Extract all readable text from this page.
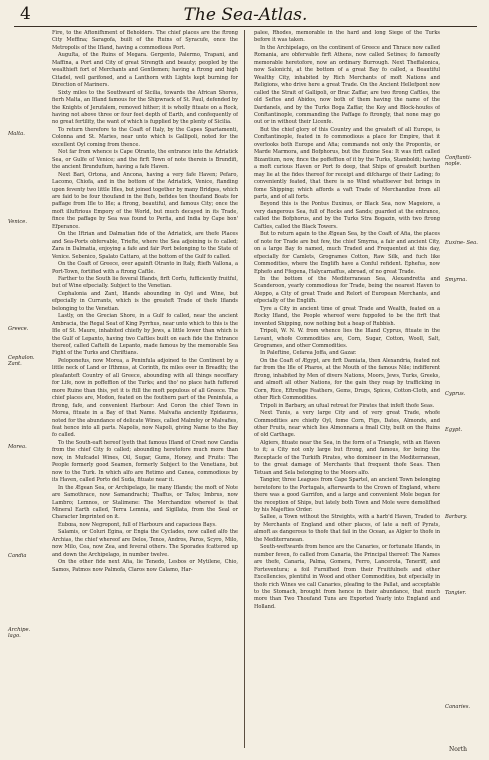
4	The Sea-Atlas.

Fire, to the Aftonifhment of Beholders. The chief places are the ftrong City Meffina; Saragofa, built of the Ruins of Syracufe, once the Metropolis of the Ifland, having a commodious Port.

Auguſta, of the Ruins of Megara. Gergento, Palermo, Trapani, and Maffina, a Port and City of great Strength and beauty; peopled by the wealthieft fort of Merchants and Gentlemen; having a ftrong and high Citadel, well garifoned, and a Lanthorn with Lights kept burning for Direction of Mariners.

Sixty miles to the Southward of Sicilia, towards the African Shores, fierh Malta, an Ifland famous for the Shipwrack of St. Paul, defended by the Knights of Jerufalem, removed hither; it is wholly fituate on a Rock, having not above three or four feet depth of Earth, and confequently of no great fertility, the want of which is fupplied by the plenty of Sicilia.

To return therefore to the Coaft of Italy, by the Capes Spartamenti, Colonna and St. Maries, near unto which is Gallipoli, noted for the excellent Oyl coming from thence.

Not far from whence is Cape Otranto, the entrance into the Adriatick Sea, or Gulfe of Venice; and the firft Town of note therein is Brundifi, the ancient Brundufium, having a fafe Haven.

Next Bari, Ortona, and Ancona, having a very fafe Haven; Pefaro, Lacomo, Chiofa, and in the bottom of the Adriatick, Venice, ftanding upon feventy two little Ifles, but joined together by many Bridges, which are faid to be four thoufand in the Bufs, befides ten thoufand Boats for paffage from Ifle to Ifle; a ftrong, beautiful, and famous City; once the moft illuftrious Empory of the World, but much decayed in its Trade, fince the paffage by Sea was found to Perfia, and India by Cape bon' Efperance.

On the Iftrian and Dalmatian fide of the Adriatick, are thefe Places and Sea-Ports obfervable, Triefte, where the Sea adjoining is fo called; Zara in Dalmatia, enjoying a fafe and fair Port belonging to the State of Venice. Sebenico, Spalato Cattaro, at the bottom of the Gulf fo called.

On the Coaft of Greece, over againft Otranto in Italy, ftiefh Vallona, a Port-Town, fortified with a ftrong Caftle.

Farther to the South lie feveral Iflands, firft Corfu, fufficiently fruitful, but of Wine efpecially. Subject to the Venetian.

Cephalonia and Zant, Iflands abounding in Oyl and Wine, but efpecially in Currants, which is the greateft Trade of thefe Iflands belonging to the Venetian.

Lastly, on the Grecian Shore, in a Gulf fo called, near the ancient Ambracia, the Regal Seat of King Pyrrhus, near unto which to this is the Ifle of St. Maure, inhabited chiefly by Jews, a little lower than which is the Gulf of Lepanto, having two Caftles built on each fide the Entrance thereof, called Caftelli de Lepanto, made famous by the memorable Sea Fight of the Turks and Chriftians.

Peloponefus, now Morea, a Peninfula adjoined to the Continent by a little neck of Land or Ifthmus, at Corinth, fix miles over in Breadth; the pleafanteft Country of all Greece, abounding with all things neceffary for Life, now in poffeffion of the Turks; and tho' no place hath fuffered more Ruine than this, yet it is ftill the moft populous of all Greece. The chief places are, Modon, feated on the fouthern part of the Peninfula, a ftrong, fafe, and convenient Harbour: And Coron the chief Town in Morea, fituate in a Bay of that Name. Malvafia anciently Epidaurus, noted for the abundance of delicate Wines, called Malmfey or Malvafies, feat hence into all parts. Napolis, now Napoli, giving Name to the Bay fo called.

To the South-eaft hereof lyeth that famous Ifland of Creet now Candia from the chief City fo called; abounding heretofore much more than now, in Mufcadel Wines, Oil, Sugar, Gums, Honey, and Fruits: The People formerly good Seamen, formerly Subject to the Venetians, but now to the Turk. In which alfo are Retimo and Canea, commodious by its Haven, called Porto del Suda, fituate near it.

In the Ægean Sea, or Archipelago, lie many Iflands; the moft of Note are Samothrace, now Samandrachi; Thaffus, or Tafos; Imbrus, now Lambro; Lemnos, or Stalimene: The Merchandize whereof is that Mineral Earth called, Terra Lemnia, and Sigillata, from the Seal or Character Imprinted on it.

Eubœa, now Negropont, full of Harbours and capacious Bays.

Salamis, or Coluri Egina, or Engia the Cyclades, now called alfo the Archias, the chief whereof are Delos, Tenos, Andros, Paros, Scyro, Milo, now Milo, Cea, now Zea, and feveral others. The Sporades fcattered up and down the Archipelago, in number twelve.

On the other fide next Afia, lie Tenedo, Lesbos or Mytilene, Chio, Samos, Patmos now Palmofa, Claros now Calamo, Har-

palee, Rhodes, memorable in the hard and long Siege of the Turks before it was taken.

In the Archipelago, on the continent of Greece and Thrace now called Romania, are obfervable firft Athens, now called Setines; fo famoufly memorable heretofore, now an ordinary Burrough. Next Theffalonica, now Salonichi, at the bottom of a great Bay fo called, a Beautiful Wealthy City, inhabited by Rich Merchants of moft Nations and Religions, who drive here a great Trade. On the Ancient Hellefpont now called the Strait of Gallipoli, or Brac Zaffar, are two ftrong Caftles, the old Seftos and Abidos, now both of them having the name of the Dardanels, and by the Turks Boga Zaffar, the Key and Block-houfes of Conftantinople, commanding the Paffage fo ftrongly, that none may go out or in without their Licenfe.

But the chief glory of this Country and the greateft of all Europe, is Conftantinople, feated in fo commodious a place for Empire, that it overlooks both Europe and Afia; commands not only the Propontis, or Marde Marmora, and Bofphorus, but the Euxine Sea: It was firft called Bizantium, now, fince the poffeffion of it by the Turks, Stamboldi; having a moft curious Haven or Port fo deep, that Ships of greateft burthen may lie at the fides thereof for receipt and difcharge of their Lading; fo conveniently feated, that there is no Wind whatfoever but brings in fome Shipping; which affords a vaft Trade of Merchandize from all parts, and of all forts.

Beyond this is the Pontus Euxinus, or Black Sea, now Mageiore, a very dangerous Sea, full of Rocks and Sands; guarded at the entrance, called the Bofphorus, and by the Turks Stra Bogazin, with two ftrong Caftles, called the Black Towers.

But to return again to the Ægean Sea, by the Coaft of Afia, the places of note for Trade are but few, the chief Smyrna, a fair and ancient City, on a large Bay fo named, much Traded and Frequented at this day, efpecially for Camlets, Grogrames Cotton, Raw Silk, and fuch like Commodities, where the Englifh have a Conful refident. Ephefus, now Ephefo and Ffegena, Halycarnaffus, abroad, of no great Trade.

In the bottom of the Mediterranean Sea, Alexandretta and Scanderoon, yearly commodious for Trade, being the nearest Haven to Aleppo, a City of great Trade and Relort of European Merchants, and efpecially of the Englifh.

Tyre a City in ancient time of great Trade and Wealth, feated on a Rocky Ifland, the People whereof were fuppofed to be the firft that invented Shipping, now nothing but a heap of Rubbish.

Tripoli, W. N. W. from whence lies the Ifland Cyprus, fituate in the Levant, whofe Commodities are, Corn, Sugar, Cotton, Wooll, Salt, Grogrames, and other Commodities.

In Paleftine, Cefarea Joffa, and Gazar.

On the Coaft of Ægypt, are firft Damiata, then Alexandria, feated not far from the Ifle of Pharos, at the Mouth of the famous Nile; indifferent ftrong, inhabited by Men of divers Nations, Moors, Jews, Turks, Greeks, and almoft all other Nations, for the gain they reap by trafficking in Corn, Rice, Eftrefige Feathers, Gems, Drugs, Spices, Cotton-Cloth, and other Rich Commodities.

Tripoli in Barbary, an ufual retreat for Pirates that infeft thofe Seas.

Next Tunis, a very large City and of very great Trade, whofe Commodities are chiefly Oyl, fome Corn, Figs, Dates, Almonds, and other Fruits, near which lies Almonnara a fmall City, built on the Ruins of old Carthage.

Algiers, fituate near the Sea, in the form of a Triangle, with an Haven to it; a City not only large but ftrong, and famous, for being the Receptacle of the Turkifh Pirates, who domineer in the Mediterranean, to the great damage of Merchants that frequent thofe Seas. Then Tetuan and Sela belonging to the Moors alfo.

Tangier, three Leagues from Cape Spartel, an ancient Town belonging heretofore to the Portugals, afterwards to the Crown of England, where there was a good Garrifon, and a large and convenient Mole began for the reception of Ships, but lately both Town and Mole were demolifhed by his Majefties Order.

Sallee, a Town without the Streights, with a harb'd Haven, Traded to by Merchants of England and other places, of late a neft of Pyrats, almoft as dangerous to thofe that fail in the Ocean, as Algier to thofe in the Mediterranean.

South-weftwards from hence are the Canaries, or fortunate Iflands, in number feven, fo called from Canaria, the Principal thereof: The Names are thefe, Canaria, Palma, Gomera, Ferro, Lancerota, Teneriff, and Forteventura; a foil Furnifhed from their Fruitfulnefs and other Excellencies, plentiful in Wood and other Commodities, but efpecially in thofe rich Wines we call Canaries, pleafing to the Pallat, and acceptable to the Stomach, brought from hence in their abundance, that much more than Two Thoufand Tuns are Exported Yearly into England and Holland.

Malta.
Venice.
Greece.
Cephalon. Zant.
Morea.
Candia
Archipe. lago.
Conftanti- nople.
Euxine- Sea.
Smyrna.
Cyprus.
Egypt.
Barbary.
Tangier.
Canaries.
North
